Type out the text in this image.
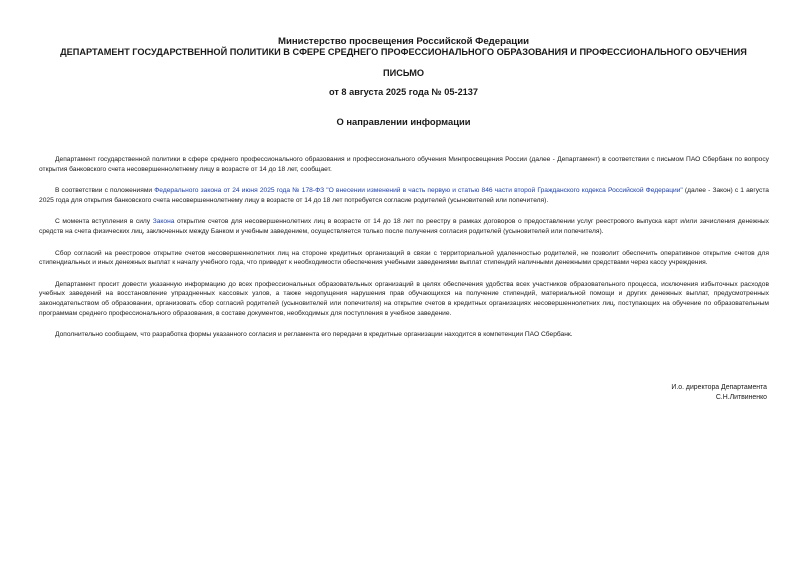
Министерство просвещения Российской Федерации
ДЕПАРТАМЕНТ ГОСУДАРСТВЕННОЙ ПОЛИТИКИ В СФЕРЕ СРЕДНЕГО ПРОФЕССИОНАЛЬНОГО ОБРАЗОВАНИЯ И ПРОФЕССИОНАЛЬНОГО ОБУЧЕНИЯ
ПИСЬМО
от 8 августа 2025 года № 05-2137
О направлении информации

Департамент государственной политики в сфере среднего профессионального образования и профессионального обучения Минпросвещения России (далее - Департамент) в соответствии с письмом ПАО Сбербанк по вопросу открытия банковского счета несовершеннолетнему лицу в возрасте от 14 до 18 лет, сообщает.

В соответствии с положениями Федерального закона от 24 июня 2025 года № 178-ФЗ "О внесении изменений в часть первую и статью 846 части второй Гражданского кодекса Российской Федерации" (далее - Закон) с 1 августа 2025 года для открытия банковского счета несовершеннолетнему лицу в возрасте от 14 до 18 лет потребуется согласие родителей (усыновителей или попечителя).

С момента вступления в силу Закона открытие счетов для несовершеннолетних лиц в возрасте от 14 до 18 лет по реестру в рамках договоров о предоставлении услуг реестрового выпуска карт и/или зачисления денежных средств на счета физических лиц, заключенных между Банком и учебным заведением, осуществляется только после получения согласия родителей (усыновителей или попечителя).

Сбор согласий на реестровое открытие счетов несовершеннолетних лиц на стороне кредитных организаций в связи с территориальной удаленностью родителей, не позволит обеспечить оперативное открытие счетов для стипендиальных и иных денежных выплат к началу учебного года, что приведет к необходимости обеспечения учебными заведениями выплат стипендий наличными денежными средствами через кассу учреждения.

Департамент просит довести указанную информацию до всех профессиональных образовательных организаций в целях обеспечения удобства всех участников образовательного процесса, исключения избыточных расходов учебных заведений на восстановление упраздненных кассовых узлов, а также недопущения нарушения прав обучающихся на получение стипендий, материальной помощи и других денежных выплат, предусмотренных законодательством об образовании, организовать сбор согласий родителей (усыновителей или попечителя) на открытие счетов в кредитных организациях несовершеннолетних лиц, поступающих на обучение по образовательным программам среднего профессионального образования, в составе документов, необходимых для поступления в учебное заведение.

Дополнительно сообщаем, что разработка формы указанного согласия и регламента его передачи в кредитные организации находится в компетенции ПАО Сбербанк.

И.о. директора Департамента
С.Н.Литвиненко
